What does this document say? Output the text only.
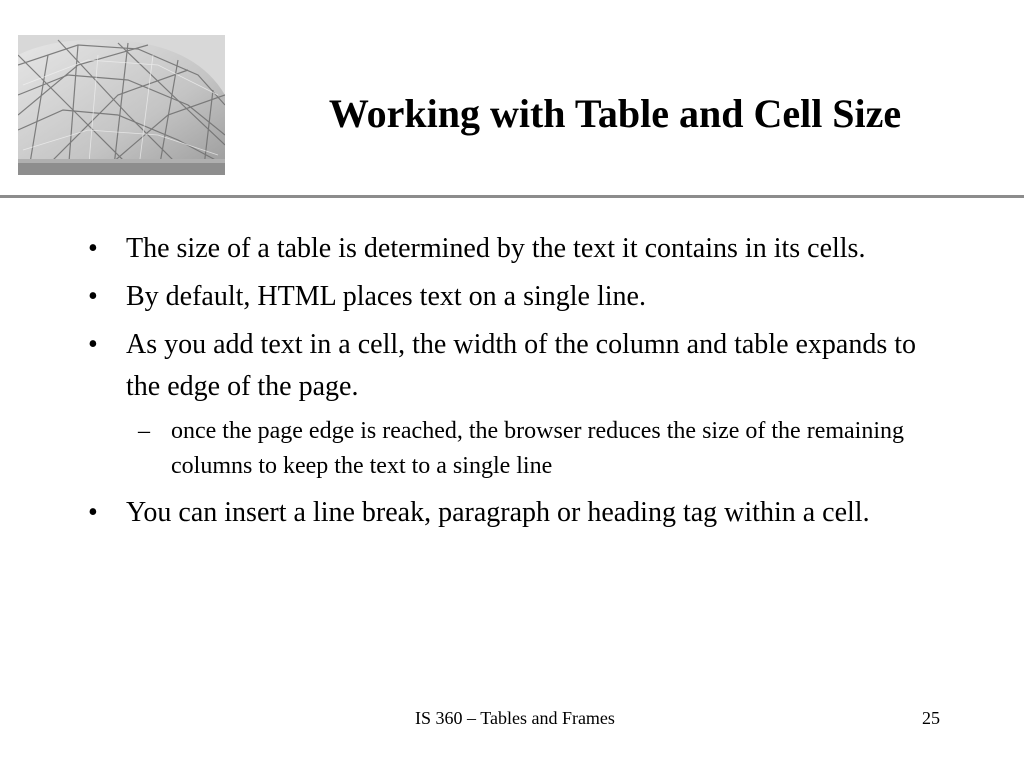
Working with Table and Cell Size
• The size of a table is determined by the text it contains in its cells.
• By default, HTML places text on a single line.
• As you add text in a cell, the width of the column and table expands to the edge of the page.
– once the page edge is reached, the browser reduces the size of the remaining columns to keep the text to a single line
• You can insert a line break, paragraph or heading tag within a cell.
IS 360 – Tables and Frames	25
